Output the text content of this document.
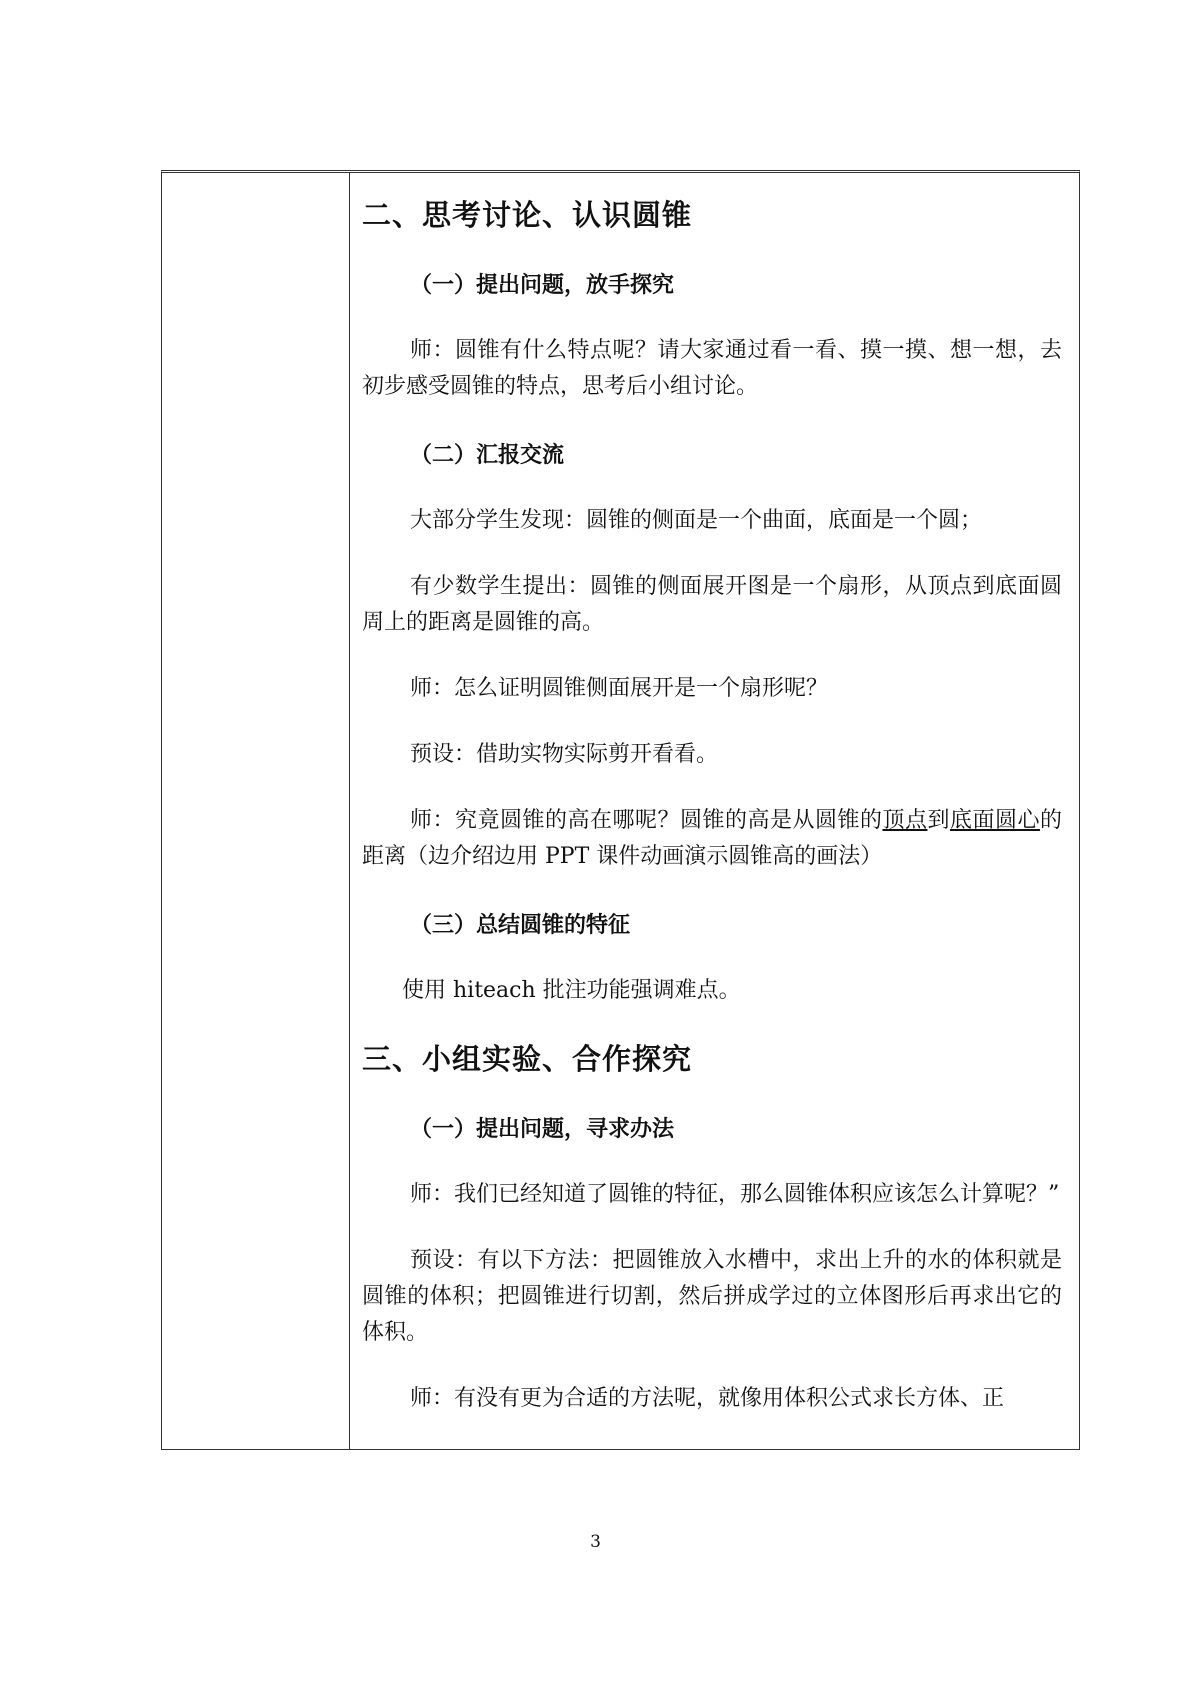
二、思考讨论、认识圆锥
（一）提出问题，放手探究

师：圆锥有什么特点呢？请大家通过看一看、摸一摸、想一想，去初步感受圆锥的特点，思考后小组讨论。

（二）汇报交流

大部分学生发现：圆锥的侧面是一个曲面，底面是一个圆；

有少数学生提出：圆锥的侧面展开图是一个扇形，从顶点到底面圆周上的距离是圆锥的高。

师：怎么证明圆锥侧面展开是一个扇形呢？

预设：借助实物实际剪开看看。

师：究竟圆锥的高在哪呢？圆锥的高是从圆锥的顶点到底面圆心的距离（边介绍边用 PPT 课件动画演示圆锥高的画法）

（三）总结圆锥的特征

使用 hiteach 批注功能强调难点。

三、小组实验、合作探究
（一）提出问题，寻求办法

师：我们已经知道了圆锥的特征，那么圆锥体积应该怎么计算呢？”

预设：有以下方法：把圆锥放入水槽中，求出上升的水的体积就是圆锥的体积；把圆锥进行切割，然后拼成学过的立体图形后再求出它的体积。

师：有没有更为合适的方法呢，就像用体积公式求长方体、正

3
